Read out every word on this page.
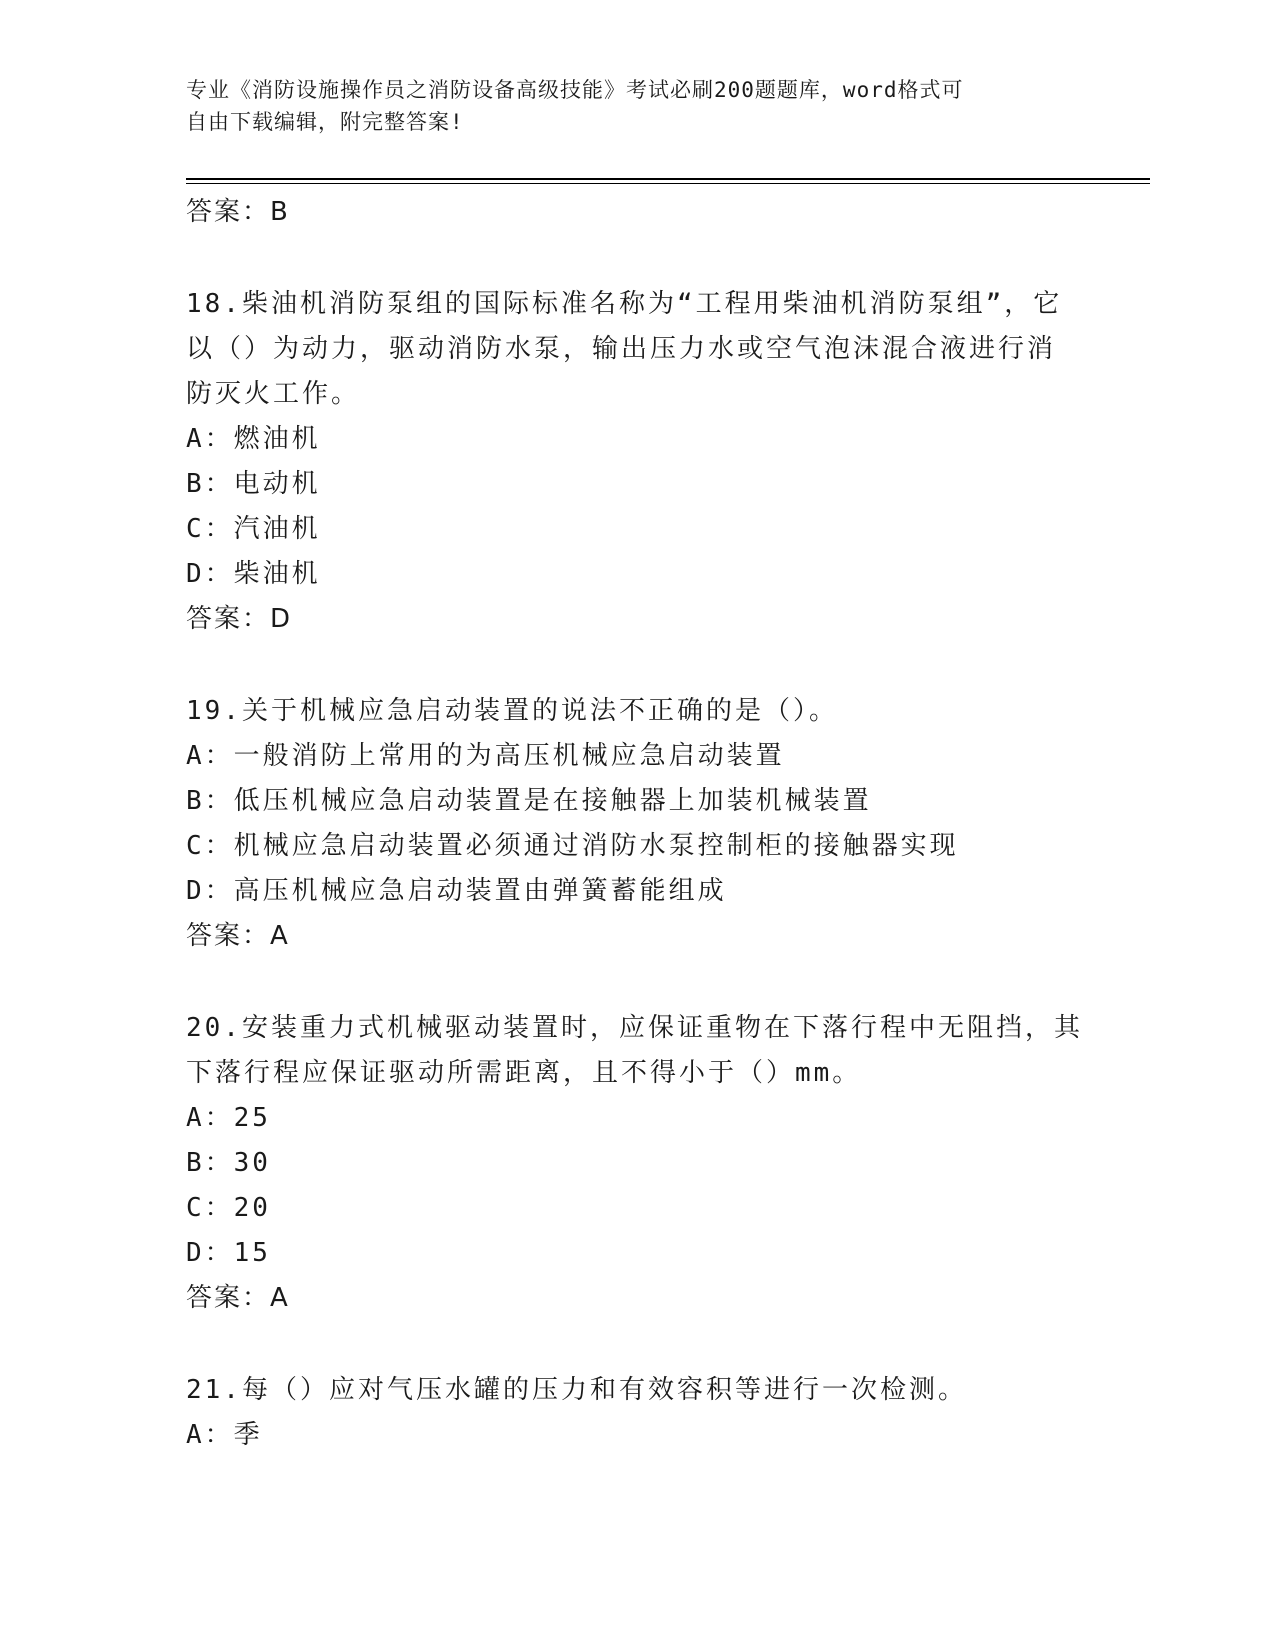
专业《消防设施操作员之消防设备高级技能》考试必刷200题题库，word格式可
自由下载编辑，附完整答案!
答案：B
18.柴油机消防泵组的国际标准名称为“工程用柴油机消防泵组”，它
以（）为动力，驱动消防水泵，输出压力水或空气泡沫混合液进行消
防灭火工作。
A：燃油机
B：电动机
C：汽油机
D：柴油机
答案：D
19.关于机械应急启动装置的说法不正确的是（）。
A：一般消防上常用的为高压机械应急启动装置
B：低压机械应急启动装置是在接触器上加装机械装置
C：机械应急启动装置必须通过消防水泵控制柜的接触器实现
D：高压机械应急启动装置由弹簧蓄能组成
答案：A
20.安装重力式机械驱动装置时，应保证重物在下落行程中无阻挡，其
下落行程应保证驱动所需距离，且不得小于（）mm。
A：25
B：30
C：20
D：15
答案：A
21.每（）应对气压水罐的压力和有效容积等进行一次检测。
A：季
